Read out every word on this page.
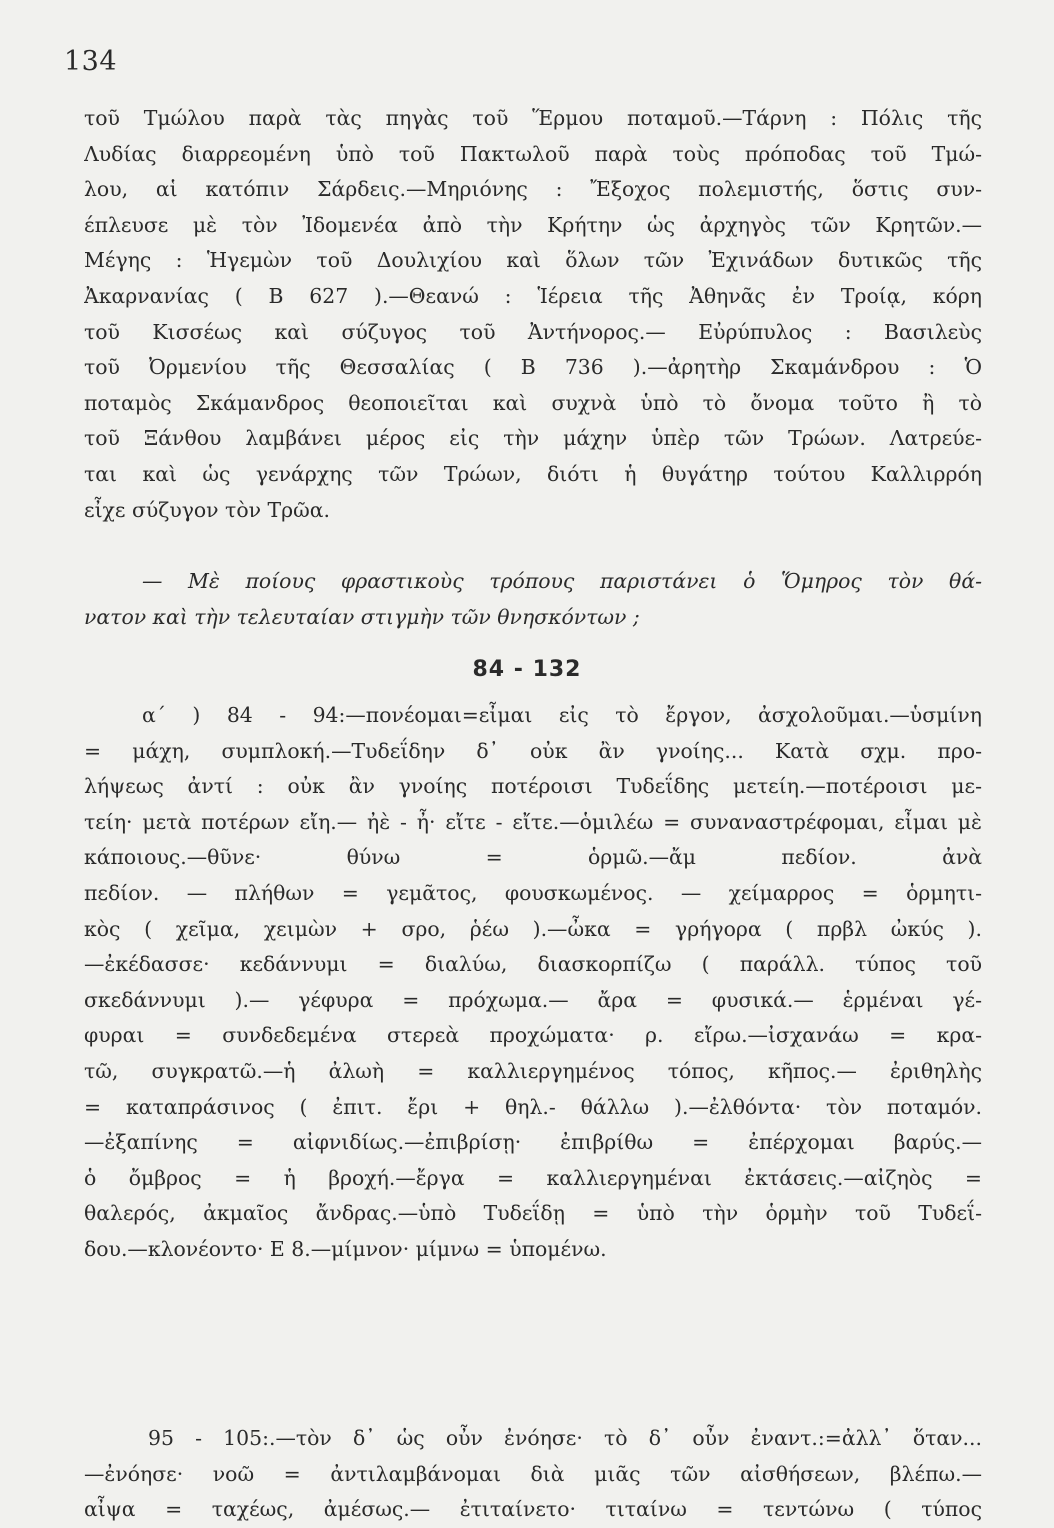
134
τοῦ Τμώλου παρὰ τὰς πηγὰς τοῦ Ἕρμου ποταμοῦ.—Τάρνη : Πόλις τῆς
Λυδίας διαρρεομένη ὑπὸ τοῦ Πακτωλοῦ παρὰ τοὺς πρόποδας τοῦ Τμώ-
λου, αἱ κατόπιν Σάρδεις.—Μηριόνης : Ἔξοχος πολεμιστής, ὅστις συν-
έπλευσε μὲ τὸν Ἰδομενέα ἀπὸ τὴν Κρήτην ὡς ἀρχηγὸς τῶν Κρητῶν.—
Μέγης : Ἡγεμὼν τοῦ Δουλιχίου καὶ ὅλων τῶν Ἐχινάδων δυτικῶς τῆς
Ἀκαρνανίας ( Β 627 ).—Θεανώ : Ἱέρεια τῆς Ἀθηνᾶς ἐν Τροίᾳ, κόρη
τοῦ Κισσέως καὶ σύζυγος τοῦ Ἀντήνορος.— Εὐρύπυλος : Βασιλεὺς
τοῦ Ὀρμενίου τῆς Θεσσαλίας ( Β 736 ).—ἀρητὴρ Σκαμάνδρου : Ὁ
ποταμὸς Σκάμανδρος θεοποιεῖται καὶ συχνὰ ὑπὸ τὸ ὄνομα τοῦτο ἢ τὸ
τοῦ Ξάνθου λαμβάνει μέρος εἰς τὴν μάχην ὑπὲρ τῶν Τρώων. Λατρεύε-
ται καὶ ὡς γενάρχης τῶν Τρώων, διότι ἡ θυγάτηρ τούτου Καλλιρρόη
εἶχε σύζυγον τὸν Τρῶα.
— Μὲ ποίους φραστικοὺς τρόπους παριστάνει ὁ Ὅμηρος τὸν θά-
νατον καὶ τὴν τελευταίαν στιγμὴν τῶν θνησκόντων ;
84 - 132
α΄ ) 84 - 94:—πονέομαι=εἶμαι εἰς τὸ ἔργον, ἀσχολοῦμαι.—ὑσμίνη
= μάχη, συμπλοκή.—Τυδεΐδην δ᾽ οὐκ ἂν γνοίης... Κατὰ σχμ. προ-
λήψεως ἀντί : οὐκ ἂν γνοίης ποτέροισι Τυδεΐδης μετείη.—ποτέροισι με-
τείη· μετὰ ποτέρων εἴη.— ἠὲ - ἦ· εἴτε - εἴτε.—ὁμιλέω = συναναστρέφομαι, εἶμαι μὲ κάποιους.—θῦνε· θύνω = ὁρμῶ.—ἄμ πεδίον. ἀνὰ
πεδίον. — πλήθων = γεμᾶτος, φουσκωμένος. — χείμαρρος = ὁρμητι-
κὸς ( χεῖμα, χειμὼν + σρο, ῥέω ).—ὦκα = γρήγορα ( πρβλ ὠκύς ).
—ἐκέδασσε· κεδάννυμι = διαλύω, διασκορπίζω ( παράλλ. τύπος τοῦ
σκεδάννυμι ).— γέφυρα = πρόχωμα.— ἄρα = φυσικά.— ἑρμέναι γέ-
φυραι = συνδεδεμένα στερεὰ προχώματα· ρ. εἴρω.—ἰσχανάω = κρα-
τῶ, συγκρατῶ.—ἡ ἀλωὴ = καλλιεργημένος τόπος, κῆπος.— ἐριθηλὴς
= καταπράσινος ( ἐπιτ. ἔρι + θηλ.- θάλλω ).—ἐλθόντα· τὸν ποταμόν.
—ἐξαπίνης = αἰφνιδίως.—ἐπιβρίσῃ· ἐπιβρίθω = ἐπέρχομαι βαρύς.—
ὁ ὄμβρος = ἡ βροχή.—ἔργα = καλλιεργημέναι ἐκτάσεις.—αἰζηὸς =
θαλερός, ἀκμαῖος ἄνδρας.—ὑπὸ Τυδεΐδῃ = ὑπὸ τὴν ὁρμὴν τοῦ Τυδεΐ-
δου.—κλονέοντο· Ε 8.—μίμνον· μίμνω = ὑπομένω.
95 - 105:.—τὸν δ᾽ ὡς οὖν ἐνόησε· τὸ δ᾽ οὖν ἐναντ.:=ἀλλ᾽ ὅταν...
—ἐνόησε· νοῶ = ἀντιλαμβάνομαι διὰ μιᾶς τῶν αἰσθήσεων, βλέπω.—
αἶψα = ταχέως, ἀμέσως.— ἐτιταίνετο· τιταίνω = τεντώνω ( τύπος
